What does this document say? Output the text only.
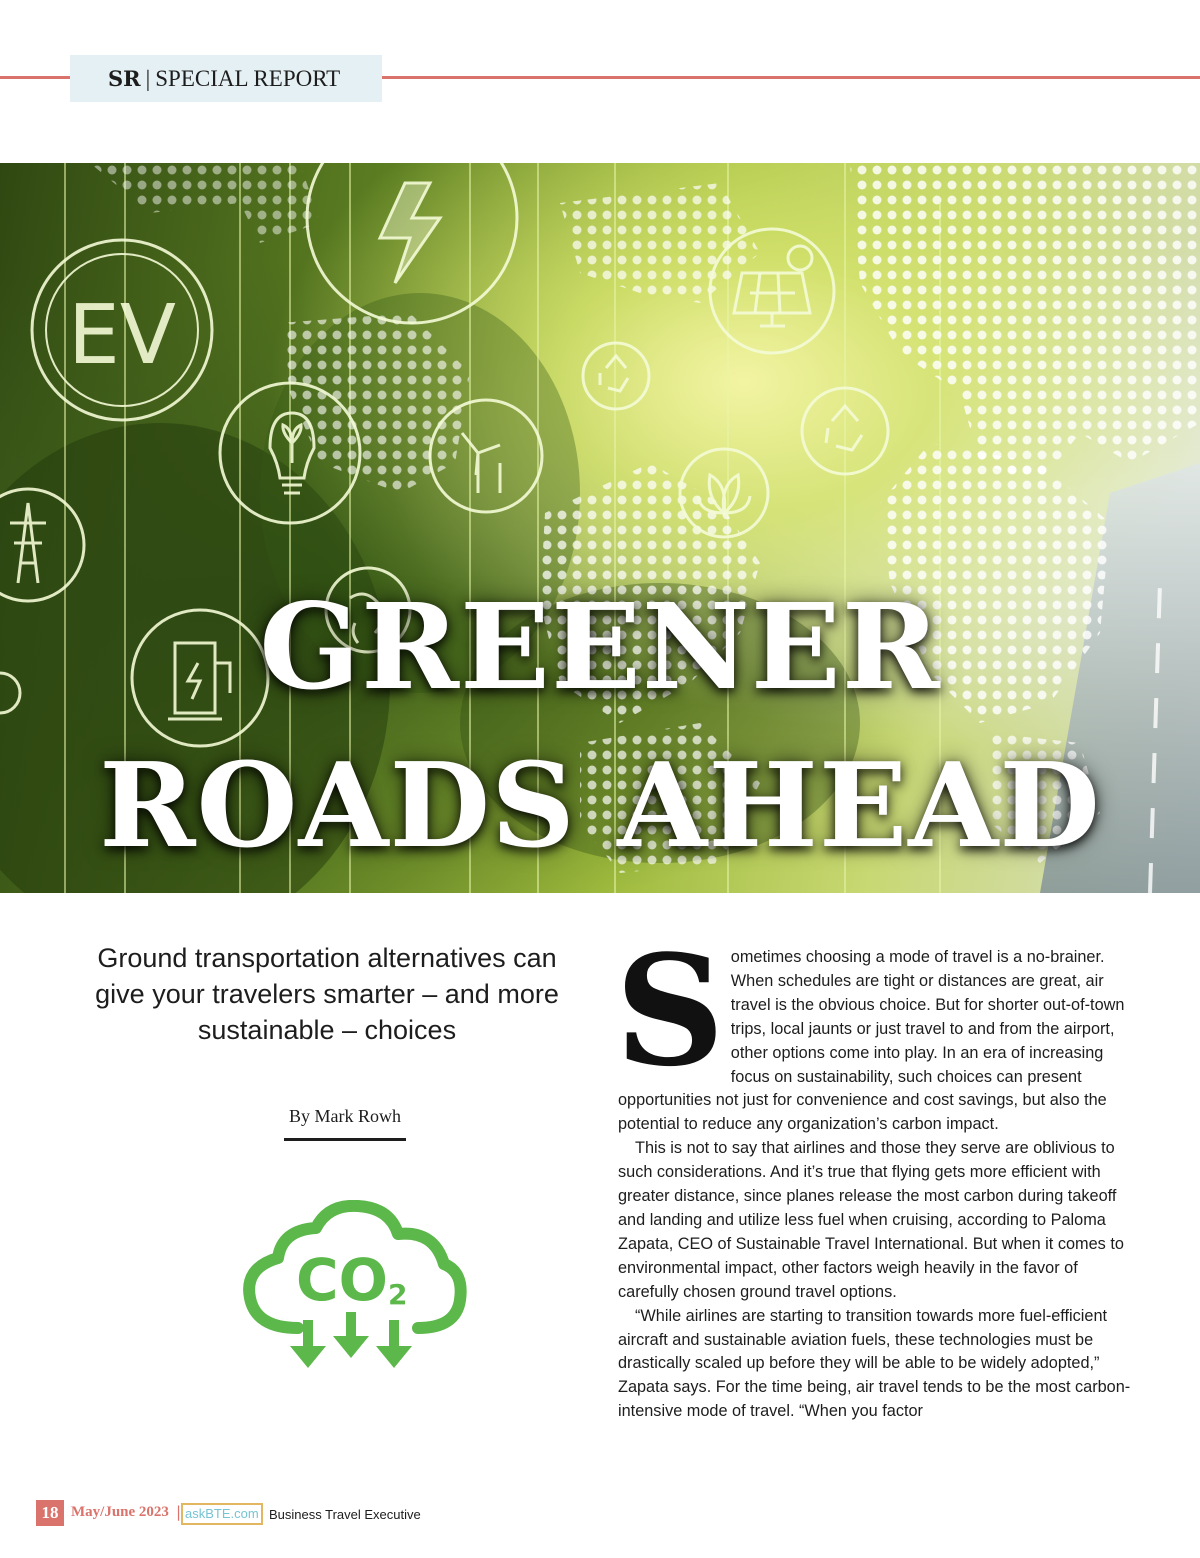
SR | SPECIAL REPORT
EV
GREENER
ROADS AHEAD

Ground transportation alternatives can give your travelers smarter – and more sustainable – choices

By Mark Rowh
CO 2

Sometimes choosing a mode of travel is a no-brainer. When schedules are tight or distances are great, air travel is the obvious choice. But for shorter out-of-town trips, local jaunts or just travel to and from the airport, other options come into play. In an era of increasing focus on sustainability, such choices can present opportunities not just for convenience and cost savings, but also the potential to reduce any organization’s carbon impact.

This is not to say that airlines and those they serve are oblivious to such considerations. And it’s true that flying gets more efficient with greater distance, since planes release the most carbon during takeoff and landing and utilize less fuel when cruising, according to Paloma Zapata, CEO of Sustainable Travel International. But when it comes to environmental impact, other factors weigh heavily in the favor of carefully chosen ground travel options.

“While airlines are starting to transition towards more fuel-efficient aircraft and sustainable aviation fuels, these technologies must be drastically scaled up before they will be able to be widely adopted,” Zapata says. For the time being, air travel tends to be the most carbon-intensive mode of travel. “When you factor

18 May/June 2023 | askBTE.com Business Travel Executive
